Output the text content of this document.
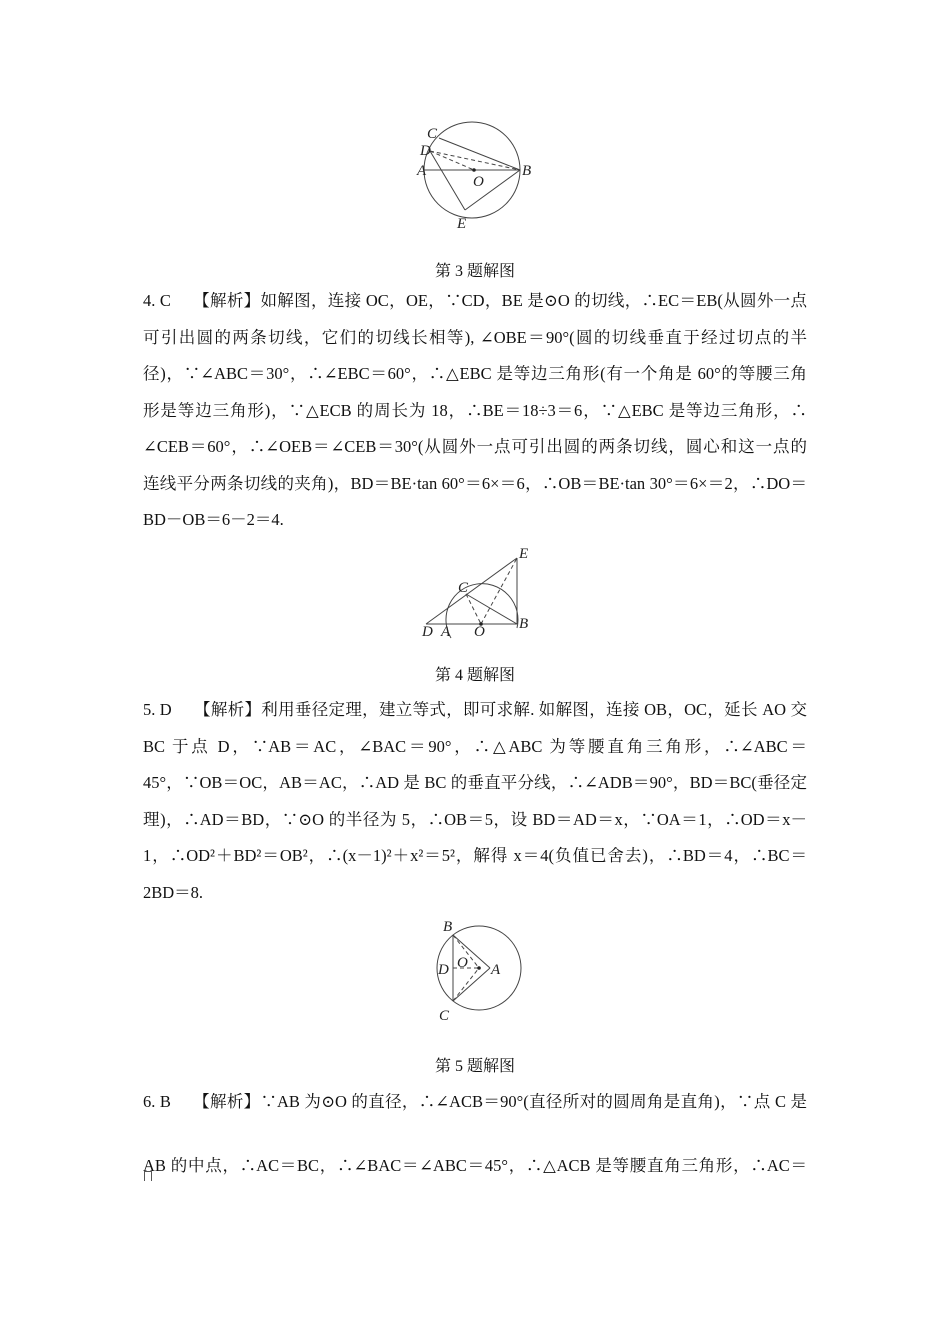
C
D
A
O
B
E
第 3 题解图
4. C 【解析】如解图，连接 OC，OE，∵CD，BE 是⊙O 的切线，∴EC＝EB(从圆外一点
可引出圆的两条切线，它们的切线长相等), ∠OBE＝90°(圆的切线垂直于经过切点的半
径)，∵∠ABC＝30°，∴∠EBC＝60°，∴△EBC 是等边三角形(有一个角是 60°的等腰三角
形是等边三角形)，∵△ECB 的周长为 18，∴BE＝18÷3＝6，∵△EBC 是等边三角形，∴
∠CEB＝60°，∴∠OEB＝∠CEB＝30°(从圆外一点可引出圆的两条切线，圆心和这一点的
连线平分两条切线的夹角)，BD＝BE·tan 60°＝6×＝6，∴OB＝BE·tan 30°＝6×＝2，∴DO＝
BD－OB＝6－2＝4.
E
C
D A O B
第 4 题解图
5. D 【解析】利用垂径定理，建立等式，即可求解. 如解图，连接 OB，OC，延长 AO 交
BC 于点 D，∵AB＝AC，∠BAC＝90°，∴△ABC 为等腰直角三角形，∴∠ABC＝
45°，∵OB＝OC，AB＝AC，∴AD 是 BC 的垂直平分线，∴∠ADB＝90°，BD＝BC(垂径定
理)，∴AD＝BD，∵⊙O 的半径为 5，∴OB＝5，设 BD＝AD＝x，∵OA＝1，∴OD＝x－
1，∴OD²＋BD²＝OB²，∴(x－1)²＋x²＝5²，解得 x＝4(负值已舍去)，∴BD＝4，∴BC＝
2BD＝8.
B
O
D	A
C
第 5 题解图
6. B 【解析】∵AB 为⊙O 的直径，∴∠ACB＝90°(直径所对的圆周角是直角)，∵点 C 是
AB 的中点，∴AC＝BC，∴∠BAC＝∠ABC＝45°，∴△ACB 是等腰直角三角形，∴AC＝
